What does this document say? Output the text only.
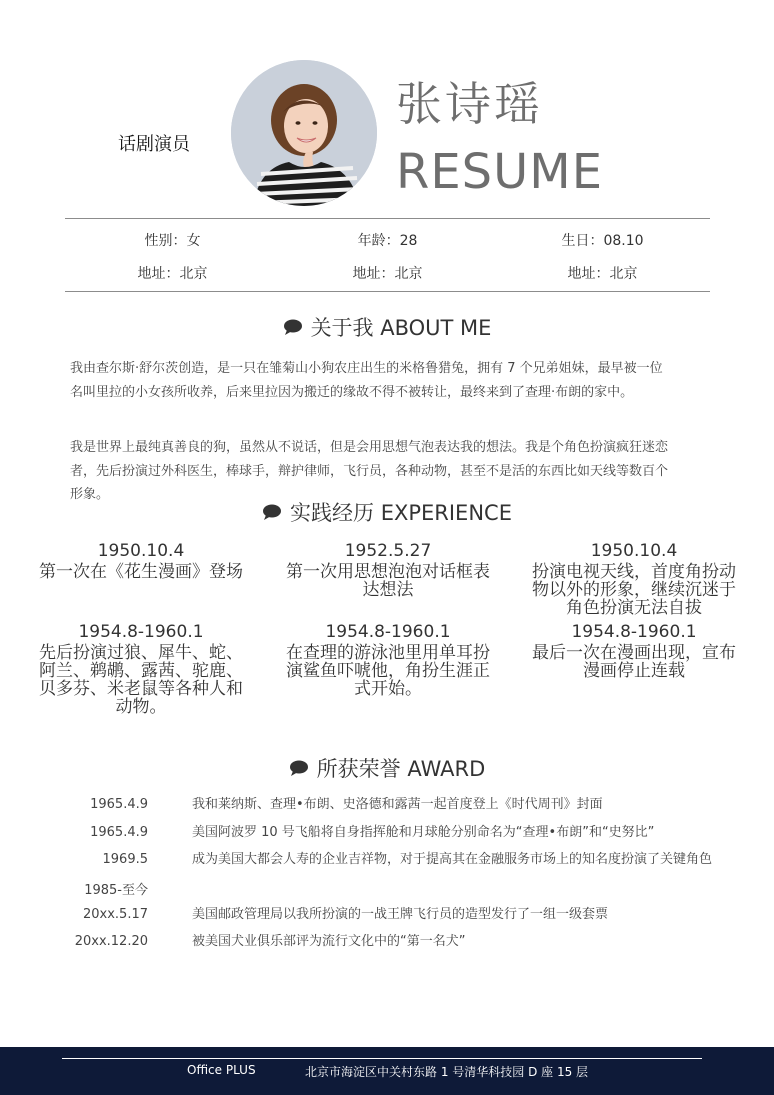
话剧演员
张诗瑶
RESUME
性别：女	年龄：28	生日：08.10
地址：北京	地址：北京	地址：北京
关于我 ABOUT ME
我由查尔斯·舒尔茨创造，是一只在雏菊山小狗农庄出生的米格鲁猎兔，拥有 7 个兄弟姐妹，最早被一位名叫里拉的小女孩所收养，后来里拉因为搬迁的缘故不得不被转让，最终来到了查理·布朗的家中。
我是世界上最纯真善良的狗，虽然从不说话，但是会用思想气泡表达我的想法。我是个角色扮演疯狂迷恋者，先后扮演过外科医生，棒球手，辩护律师，飞行员，各种动物，甚至不是活的东西比如天线等数百个形象。
实践经历 EXPERIENCE
1950.10.4
第一次在《花生漫画》登场
1952.5.27
第一次用思想泡泡对话框表达想法
1950.10.4
扮演电视天线，首度角扮动物以外的形象，继续沉迷于角色扮演无法自拔
1954.8-1960.1
先后扮演过狼、犀牛、蛇、阿兰、鹈鹕、露茜、驼鹿、贝多芬、米老鼠等各种人和动物。
1954.8-1960.1
在查理的游泳池里用单耳扮演鲨鱼吓唬他，角扮生涯正式开始。
1954.8-1960.1
最后一次在漫画出现，宣布漫画停止连载
所获荣誉 AWARD
1965.4.9	我和莱纳斯、查理•布朗、史洛德和露茜一起首度登上《时代周刊》封面
1965.4.9	美国阿波罗 10 号飞船将自身指挥舱和月球舱分别命名为“查理•布朗”和“史努比”
1969.5	成为美国大都会人寿的企业吉祥物，对于提高其在金融服务市场上的知名度扮演了关键角色
1985-至今
20xx.5.17	美国邮政管理局以我所扮演的一战王牌飞行员的造型发行了一组一级套票
20xx.12.20	被美国犬业俱乐部评为流行文化中的“第一名犬”
Office PLUS	北京市海淀区中关村东路 1 号清华科技园 D 座 15 层
